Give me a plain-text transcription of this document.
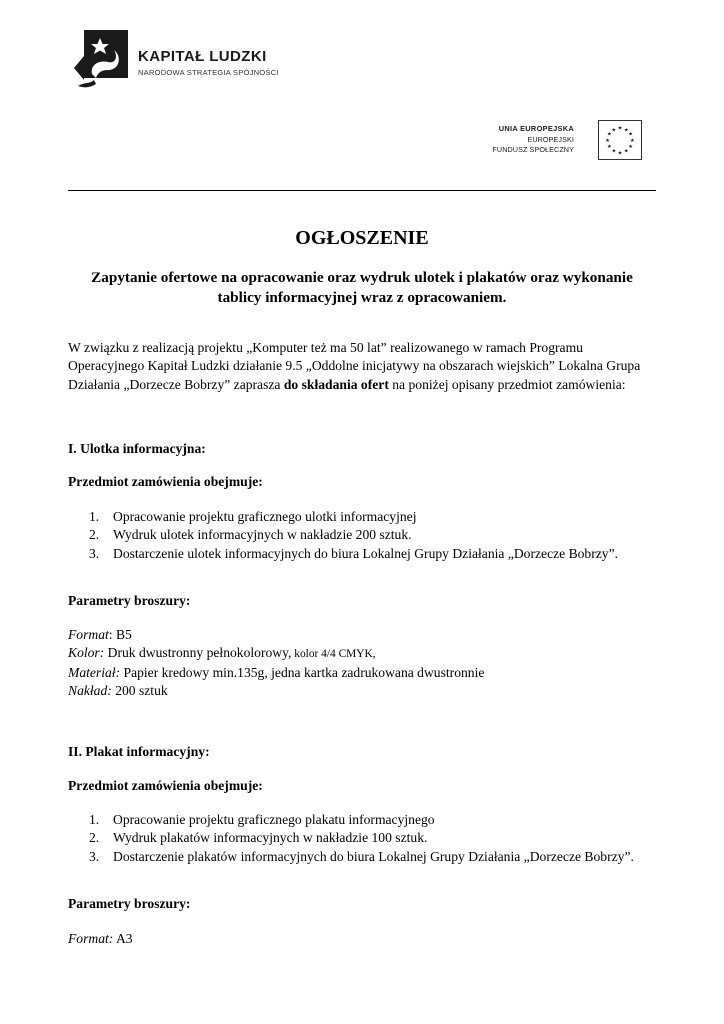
KAPITAŁ LUDZKI
NARODOWA STRATEGIA SPÓJNOŚCI
UNIA EUROPEJSKA
EUROPEJSKI
FUNDUSZ SPOŁECZNY
★ ★
★
★
★
★
★
★
★
★
★
★
OGŁOSZENIE
Zapytanie ofertowe na opracowanie oraz wydruk ulotek i plakatów oraz wykonanie
tablicy informacyjnej wraz z opracowaniem.
W związku z realizacją projektu „Komputer też ma 50 lat” realizowanego w ramach Programu Operacyjnego Kapitał Ludzki działanie 9.5 „Oddolne inicjatywy na obszarach wiejskich” Lokalna Grupa Działania „Dorzecze Bobrzy” zaprasza do składania ofert na poniżej opisany przedmiot zamówienia:
I. Ulotka informacyjna:
Przedmiot zamówienia obejmuje:
1. Opracowanie projektu graficznego ulotki informacyjnej
2. Wydruk ulotek informacyjnych w nakładzie 200 sztuk.
3. Dostarczenie ulotek informacyjnych do biura Lokalnej Grupy Działania „Dorzecze Bobrzy”.
Parametry broszury:
Format: B5
Kolor: Druk dwustronny pełnokolorowy, kolor 4/4 CMYK,
Materiał: Papier kredowy min.135g, jedna kartka zadrukowana dwustronnie
Nakład: 200 sztuk
II. Plakat informacyjny:
Przedmiot zamówienia obejmuje:
1. Opracowanie projektu graficznego plakatu informacyjnego
2. Wydruk plakatów informacyjnych w nakładzie 100 sztuk.
3. Dostarczenie plakatów informacyjnych do biura Lokalnej Grupy Działania „Dorzecze Bobrzy”.
Parametry broszury:
Format: A3
